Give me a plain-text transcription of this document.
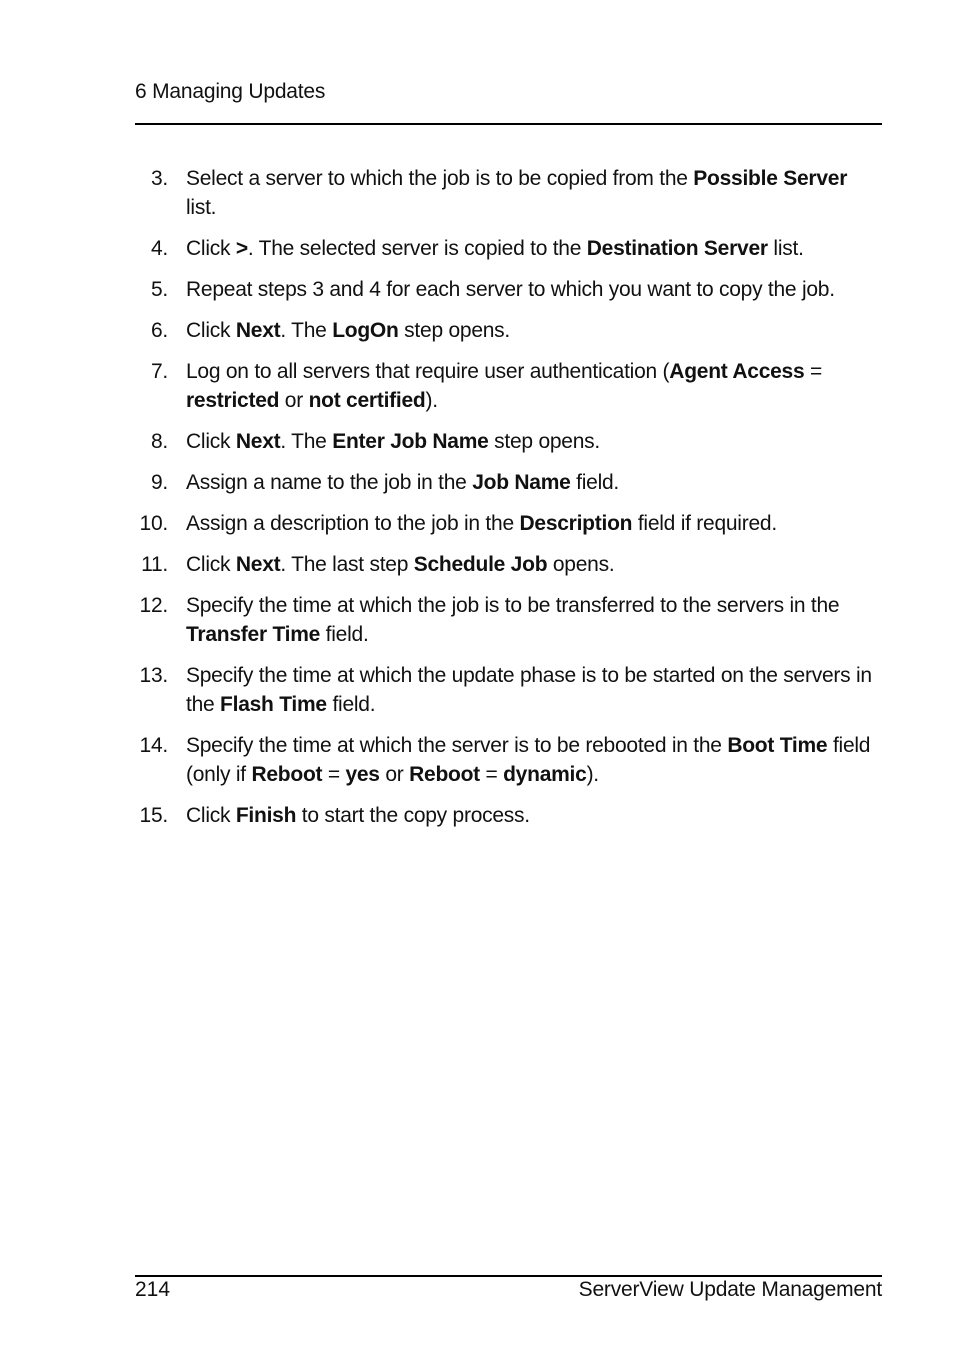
6 Managing Updates
3. Select a server to which the job is to be copied from the Possible Server list.
4. Click >. The selected server is copied to the Destination Server list.
5. Repeat steps 3 and 4 for each server to which you want to copy the job.
6. Click Next. The LogOn step opens.
7. Log on to all servers that require user authentication (Agent Access = restricted or not certified).
8. Click Next. The Enter Job Name step opens.
9. Assign a name to the job in the Job Name field.
10. Assign a description to the job in the Description field if required.
11. Click Next. The last step Schedule Job opens.
12. Specify the time at which the job is to be transferred to the servers in the Transfer Time field.
13. Specify the time at which the update phase is to be started on the servers in the Flash Time field.
14. Specify the time at which the server is to be rebooted in the Boot Time field (only if Reboot = yes or Reboot = dynamic).
15. Click Finish to start the copy process.
214	ServerView Update Management
